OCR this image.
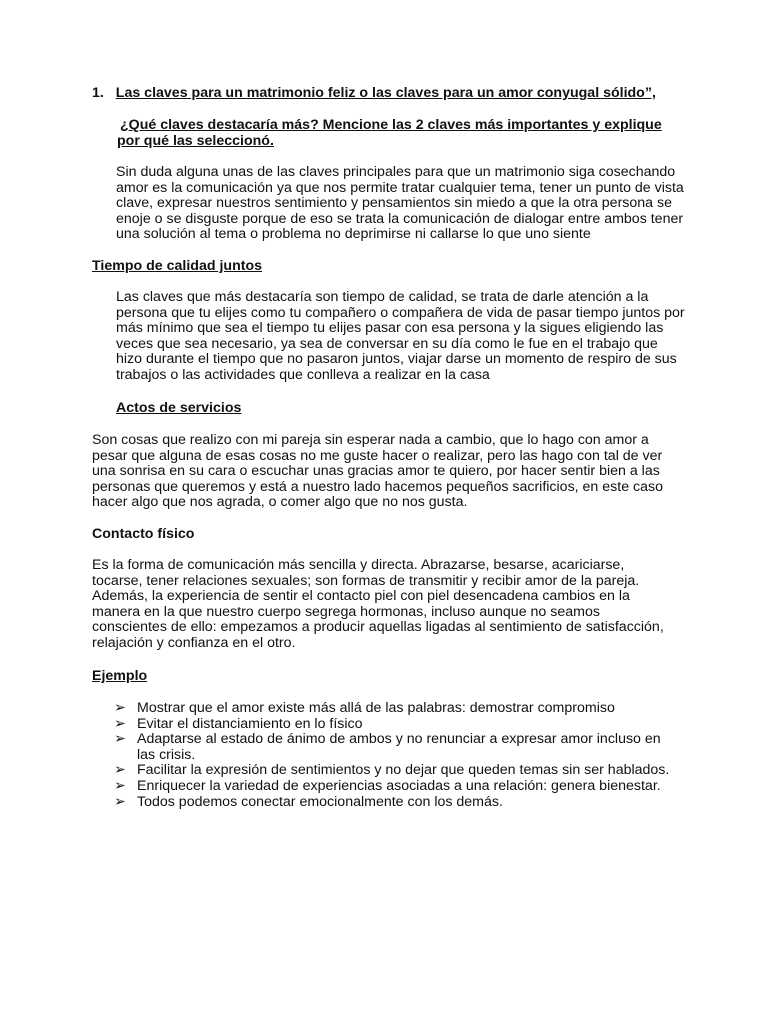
1. Las claves para un matrimonio feliz o las claves para un amor conyugal sólido”,

¿Qué claves destacaría más? Mencione las 2 claves más importantes y explique por qué las seleccionó.

Sin duda alguna unas de las claves principales para que un matrimonio siga cosechando amor es la comunicación ya que nos permite tratar cualquier tema, tener un punto de vista clave, expresar nuestros sentimiento y pensamientos sin miedo a que la otra persona se enoje o se disguste porque de eso se trata la comunicación de dialogar entre ambos tener una solución al tema o problema no deprimirse ni callarse lo que uno siente

Tiempo de calidad juntos

Las claves que más destacaría son tiempo de calidad, se trata de darle atención a la persona que tu elijes como tu compañero o compañera de vida de pasar tiempo juntos por más mínimo que sea el tiempo tu elijes pasar con esa persona y la sigues eligiendo las veces que sea necesario, ya sea de conversar en su día como le fue en el trabajo que hizo durante el tiempo que no pasaron juntos, viajar darse un momento de respiro de sus trabajos o las actividades que conlleva a realizar en la casa

Actos de servicios

Son cosas que realizo con mi pareja sin esperar nada a cambio, que lo hago con amor a pesar que alguna de esas cosas no me guste hacer o realizar, pero las hago con tal de ver una sonrisa en su cara o escuchar unas gracias amor te quiero, por hacer sentir bien a las personas que queremos y está a nuestro lado hacemos pequeños sacrificios, en este caso hacer algo que nos agrada, o comer algo que no nos gusta.

Contacto físico

Es la forma de comunicación más sencilla y directa. Abrazarse, besarse, acariciarse, tocarse, tener relaciones sexuales; son formas de transmitir y recibir amor de la pareja. Además, la experiencia de sentir el contacto piel con piel desencadena cambios en la manera en la que nuestro cuerpo segrega hormonas, incluso aunque no seamos conscientes de ello: empezamos a producir aquellas ligadas al sentimiento de satisfacción, relajación y confianza en el otro.

Ejemplo
➢ Mostrar que el amor existe más allá de las palabras: demostrar compromiso
➢ Evitar el distanciamiento en lo físico
➢ Adaptarse al estado de ánimo de ambos y no renunciar a expresar amor incluso en las crisis.
➢ Facilitar la expresión de sentimientos y no dejar que queden temas sin ser hablados.
➢ Enriquecer la variedad de experiencias asociadas a una relación: genera bienestar.
➢ Todos podemos conectar emocionalmente con los demás.
